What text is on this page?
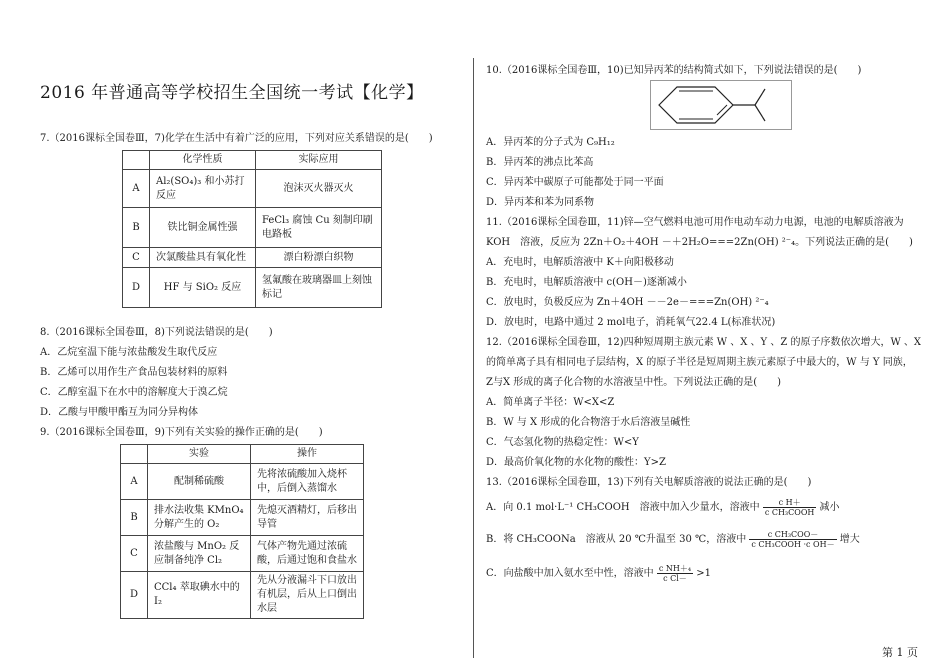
2016 年普通高等学校招生全国统一考试【化学】
7.（2016课标全国卷Ⅲ，7)化学在生活中有着广泛的应用，下列对应关系错误的是(　　)
	化学性质	实际应用
A	Al₂(SO₄)₃ 和小苏打反应	泡沫灭火器灭火
B	铁比铜金属性强	FeCl₃ 腐蚀 Cu 刻制印刷电路板
C	次氯酸盐具有氧化性	漂白粉漂白织物
D	HF 与 SiO₂ 反应	氢氟酸在玻璃器皿上刻蚀标记
8.（2016课标全国卷Ⅲ，8)下列说法错误的是(　　)
A．乙烷室温下能与浓盐酸发生取代反应
B．乙烯可以用作生产食品包装材料的原料
C．乙醇室温下在水中的溶解度大于溴乙烷
D．乙酸与甲酸甲酯互为同分异构体
9.（2016课标全国卷Ⅲ，9)下列有关实验的操作正确的是(　　)
	实验	操作
A	配制稀硫酸	先将浓硫酸加入烧杯中，后倒入蒸馏水
B	排水法收集 KMnO₄ 分解产生的 O₂	先熄灭酒精灯，后移出导管
C	浓盐酸与 MnO₂ 反应制备纯净 Cl₂	气体产物先通过浓硫酸，后通过饱和食盐水
D	CCl₄ 萃取碘水中的 I₂	先从分液漏斗下口放出有机层，后从上口倒出水层
10.（2016课标全国卷Ⅲ，10)已知异丙苯的结构简式如下，下列说法错误的是(　　)
A．异丙苯的分子式为 C₉H₁₂
B．异丙苯的沸点比苯高
C．异丙苯中碳原子可能都处于同一平面
D．异丙苯和苯为同系物
11.（2016课标全国卷Ⅲ，11)锌—空气燃料电池可用作电动车动力电源，电池的电解质溶液为
KOH　溶液，反应为 2Zn＋O₂＋4OH －＋2H₂O===2Zn(OH) ²⁻₄。下列说法正确的是(　　)
A．充电时，电解质溶液中 K＋向阳极移动
B．充电时，电解质溶液中 c(OH－)逐渐减小
C．放电时，负极反应为 Zn＋4OH －－2e－===Zn(OH) ²⁻₄
D．放电时，电路中通过 2 mol电子，消耗氧气22.4 L(标准状况)
12.（2016课标全国卷Ⅲ，12)四种短周期主族元素 W 、X 、Y 、Z 的原子序数依次增大，W 、X
的简单离子具有相同电子层结构，X 的原子半径是短周期主族元素原子中最大的，W 与 Y 同族，
Z与X 形成的离子化合物的水溶液呈中性。下列说法正确的是(　　)
A．简单离子半径：W<X<Z
B．W 与 X 形成的化合物溶于水后溶液呈碱性
C．气态氢化物的热稳定性：W<Y
D．最高价氧化物的水化物的酸性：Y>Z
13.（2016课标全国卷Ⅲ，13)下列有关电解质溶液的说法正确的是(　　)
A．向 0.1 mol·L⁻¹ CH₃COOH　溶液中加入少量水，溶液中 $\frac{\text{c H＋}}{\text{c CH₃COOH}}$ 减小
B．将 CH₃COONa　溶液从 20 ℃升温至 30 ℃，溶液中 $\frac{\text{c CH₃COO－}}{\text{c CH₃COOH ·c OH－}}$ 增大
C．向盐酸中加入氨水至中性，溶液中 $\frac{\text{c NH＋₄}}{\text{c Cl－}} >1$
第 1 页
